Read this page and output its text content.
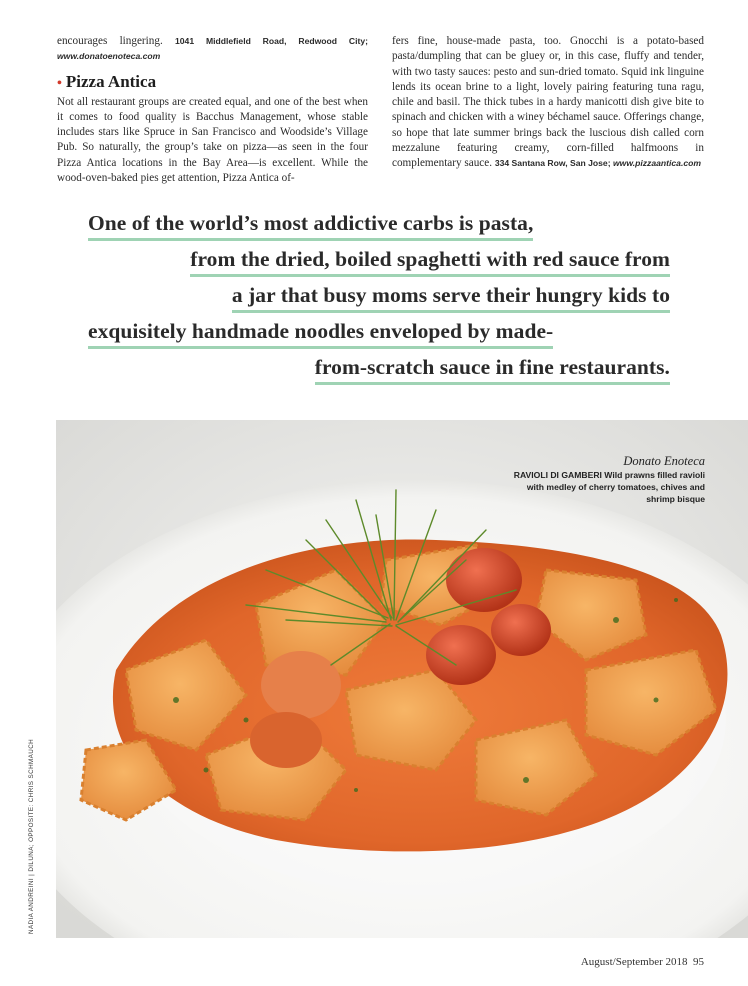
encourages lingering. 1041 Middlefield Road, Redwood City; www.donatoenoteca.com

• Pizza Antica

Not all restaurant groups are created equal, and one of the best when it comes to food quality is Bacchus Management, whose stable includes stars like Spruce in San Francisco and Woodside’s Village Pub. So naturally, the group’s take on pizza—as seen in the four Pizza Antica locations in the Bay Area—is excellent. While the wood-oven-baked pies get attention, Pizza Antica of-

fers fine, house-made pasta, too. Gnocchi is a potato-based pasta/dumpling that can be gluey or, in this case, fluffy and tender, with two tasty sauces: pesto and sun-dried tomato. Squid ink linguine lends its ocean brine to a light, lovely pairing featuring tuna ragu, chile and basil. The thick tubes in a hardy manicotti dish give bite to spinach and chicken with a winey béchamel sauce. Offerings change, so hope that late summer brings back the luscious dish called corn mezzalune featuring creamy, corn-filled halfmoons in complementary sauce. 334 Santana Row, San Jose; www.pizzaantica.com

One of the world’s most addictive carbs is pasta,
from the dried, boiled spaghetti with red sauce from
a jar that busy moms serve their hungry kids to
exquisitely handmade noodles enveloped by made-
from-scratch sauce in fine restaurants.
Donato Enoteca
RAVIOLI DI GAMBERI Wild prawns filled ravioli with medley of cherry tomatoes, chives and shrimp bisque
NADIA ANDREINI | DILUNA; OPPOSITE: CHRIS SCHMAUCH
August/September 2018 95
